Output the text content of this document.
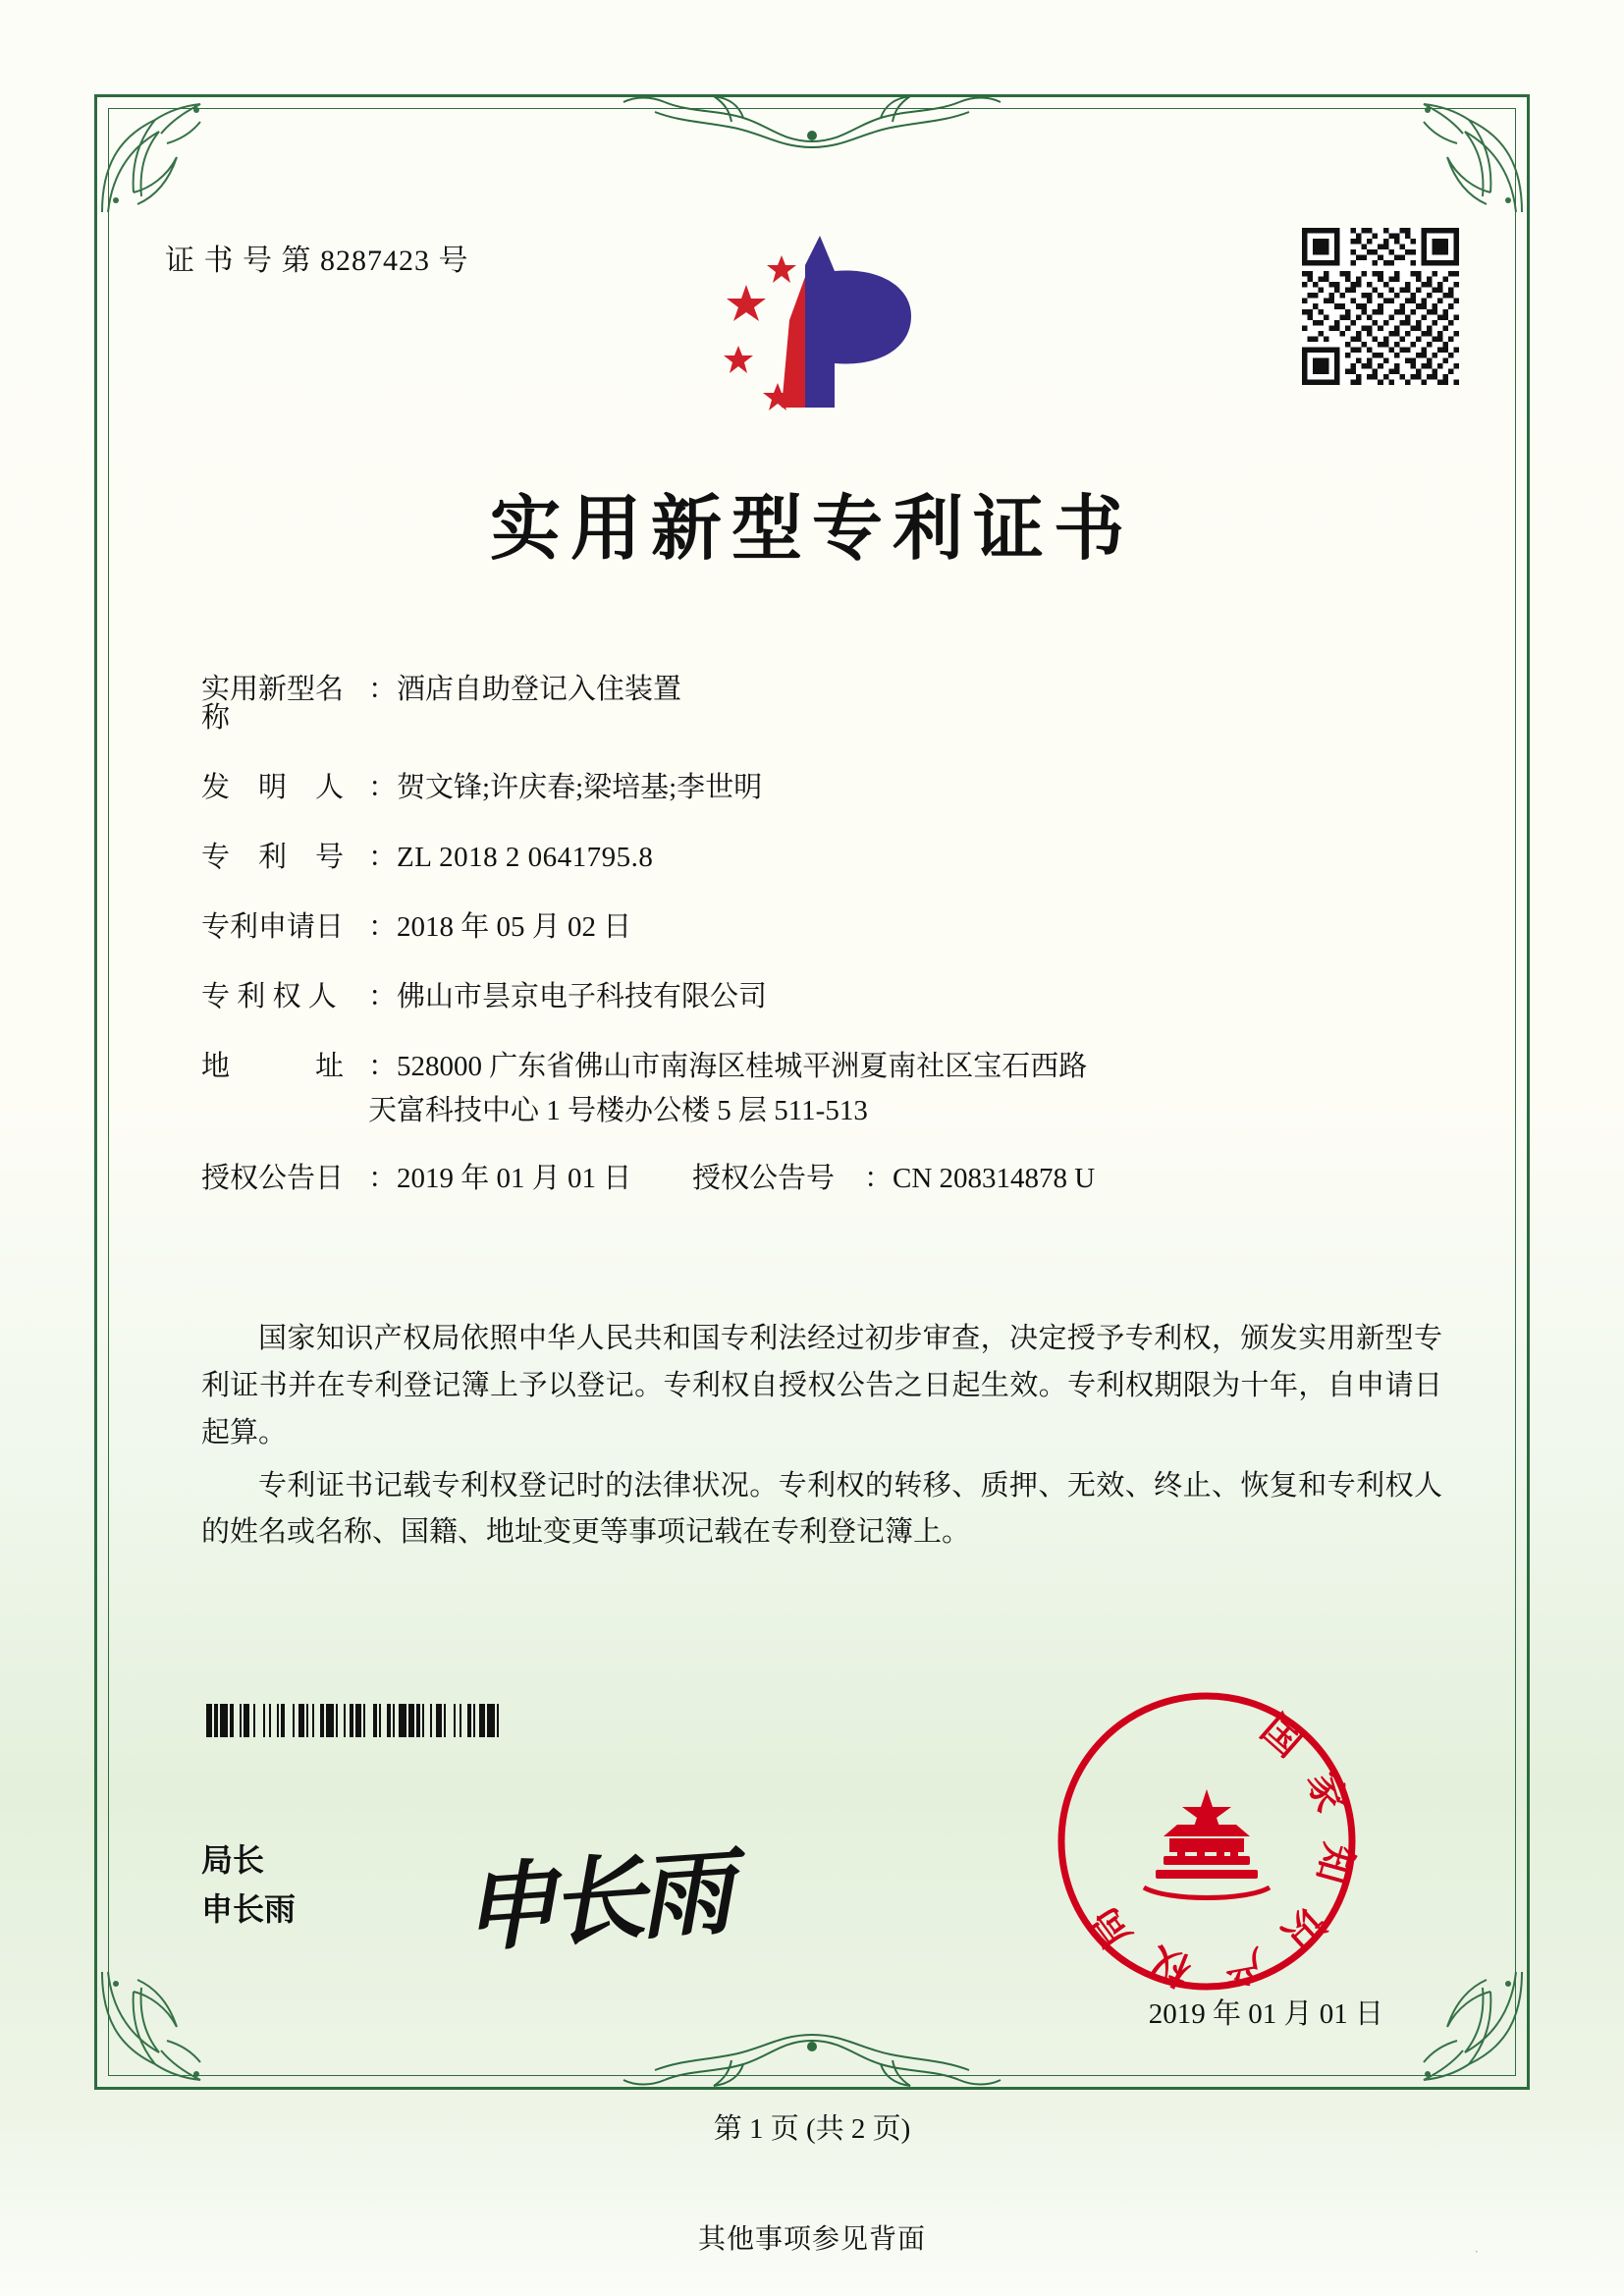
证 书 号 第 8287423 号
实用新型专利证书
实用新型名称
： 酒店自助登记入住装置
发　明　人 ： 贺文锋;许庆春;梁培基;李世明
专　利　号 ： ZL 2018 2 0641795.8
专利申请日 ： 2018 年 05 月 02 日
专 利 权 人	： 佛山市昙京电子科技有限公司
地　　　址 ： 528000 广东省佛山市南海区桂城平洲夏南社区宝石西路
天富科技中心 1 号楼办公楼 5 层 511-513
授权公告日 ： 2019 年 01 月 01 日 授权公告号	： CN 208314878 U

国家知识产权局依照中华人民共和国专利法经过初步审查，决定授予专利权，颁发实用新型专利证书并在专利登记簿上予以登记。专利权自授权公告之日起生效。专利权期限为十年，自申请日起算。

专利证书记载专利权登记时的法律状况。专利权的转移、质押、无效、终止、恢复和专利权人的姓名或名称、国籍、地址变更等事项记载在专利登记簿上。

局长
申长雨 申长雨
国家知识产权局
2019 年 01 月 01 日
第 1 页 (共 2 页)
其他事项参见背面	·
